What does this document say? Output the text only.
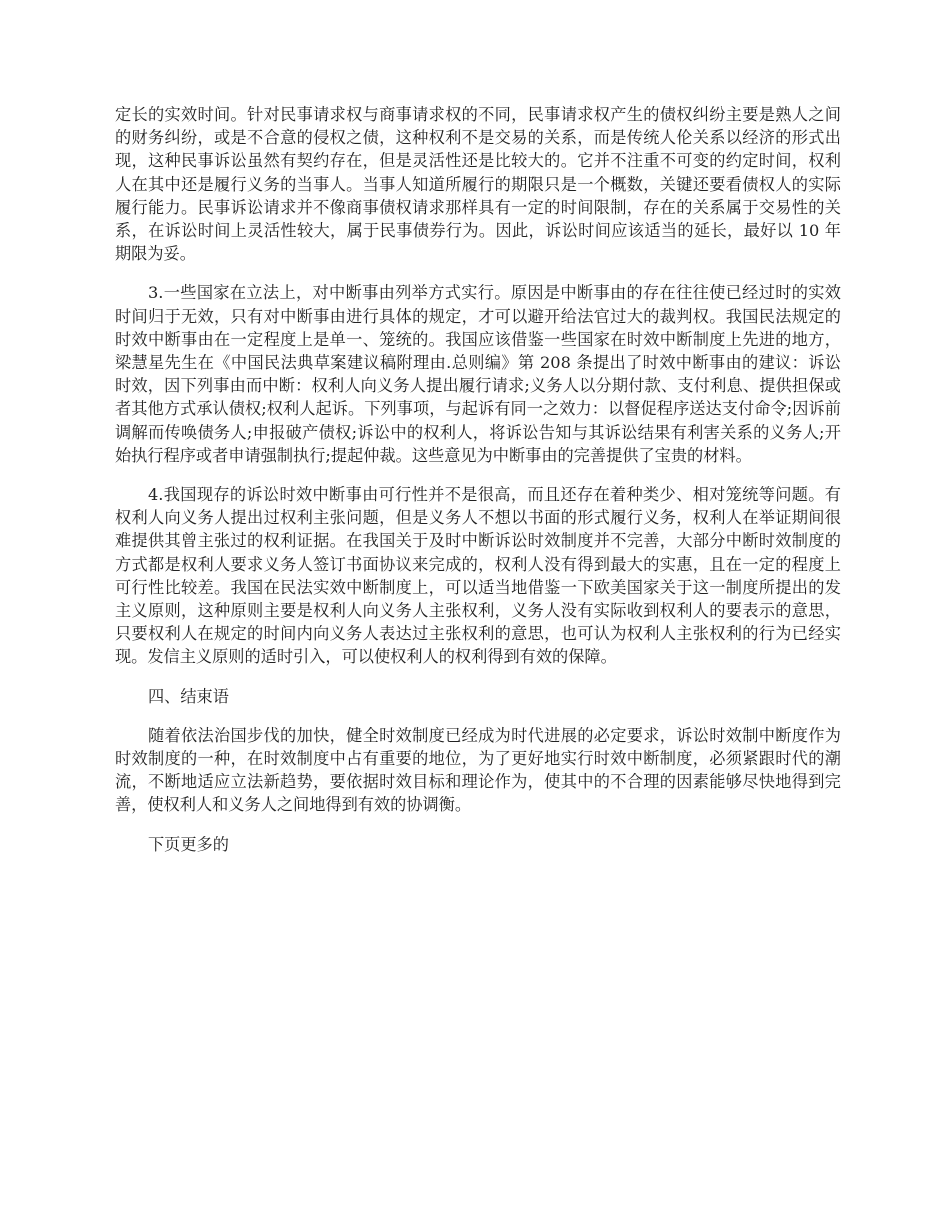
定长的实效时间。针对民事请求权与商事请求权的不同，民事请求权产生的债权纠纷主要是熟人之间的财务纠纷，或是不合意的侵权之债，这种权利不是交易的关系，而是传统人伦关系以经济的形式出现，这种民事诉讼虽然有契约存在，但是灵活性还是比较大的。它并不注重不可变的约定时间，权利人在其中还是履行义务的当事人。当事人知道所履行的期限只是一个概数，关键还要看债权人的实际履行能力。民事诉讼请求并不像商事债权请求那样具有一定的时间限制，存在的关系属于交易性的关系，在诉讼时间上灵活性较大，属于民事债券行为。因此，诉讼时间应该适当的延长，最好以 10 年期限为妥。

3.一些国家在立法上，对中断事由列举方式实行。原因是中断事由的存在往往使已经过时的实效时间归于无效，只有对中断事由进行具体的规定，才可以避开给法官过大的裁判权。我国民法规定的时效中断事由在一定程度上是单一、笼统的。我国应该借鉴一些国家在时效中断制度上先进的地方，梁慧星先生在《中国民法典草案建议稿附理由.总则编》第 208 条提出了时效中断事由的建议：诉讼时效，因下列事由而中断：权利人向义务人提出履行请求;义务人以分期付款、支付利息、提供担保或者其他方式承认债权;权利人起诉。下列事项，与起诉有同一之效力：以督促程序送达支付命令;因诉前调解而传唤债务人;申报破产债权;诉讼中的权利人，将诉讼告知与其诉讼结果有利害关系的义务人;开始执行程序或者申请强制执行;提起仲裁。这些意见为中断事由的完善提供了宝贵的材料。

4.我国现存的诉讼时效中断事由可行性并不是很高，而且还存在着种类少、相对笼统等问题。有权利人向义务人提出过权利主张问题，但是义务人不想以书面的形式履行义务，权利人在举证期间很难提供其曾主张过的权利证据。在我国关于及时中断诉讼时效制度并不完善，大部分中断时效制度的方式都是权利人要求义务人签订书面协议来完成的，权利人没有得到最大的实惠，且在一定的程度上可行性比较差。我国在民法实效中断制度上，可以适当地借鉴一下欧美国家关于这一制度所提出的发主义原则，这种原则主要是权利人向义务人主张权利，义务人没有实际收到权利人的要表示的意思，只要权利人在规定的时间内向义务人表达过主张权利的意思，也可认为权利人主张权利的行为已经实现。发信主义原则的适时引入，可以使权利人的权利得到有效的保障。

四、结束语

随着依法治国步伐的加快，健全时效制度已经成为时代进展的必定要求，诉讼时效制中断度作为时效制度的一种，在时效制度中占有重要的地位，为了更好地实行时效中断制度，必须紧跟时代的潮流，不断地适应立法新趋势，要依据时效目标和理论作为，使其中的不合理的因素能够尽快地得到完善，使权利人和义务人之间地得到有效的协调衡。

下页更多的
